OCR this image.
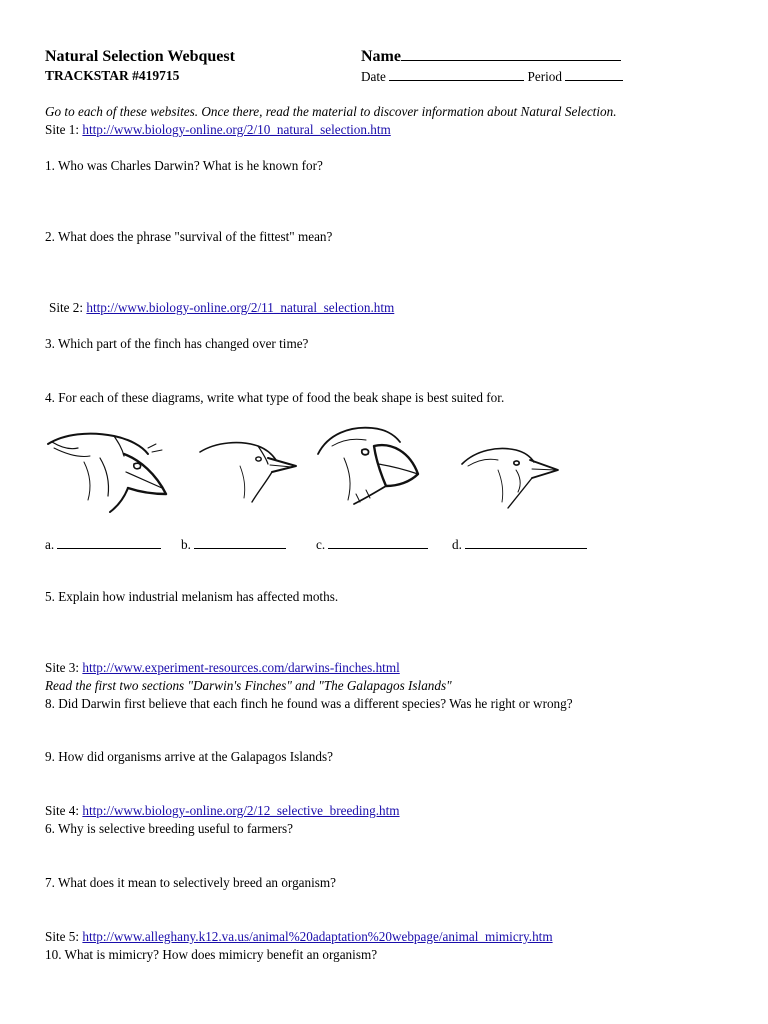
Natural Selection Webquest
TRACKSTAR #419715
Name
Date	Period
Go to each of these websites. Once there, read the material to discover information about Natural Selection.
Site 1: http://www.biology-online.org/2/10_natural_selection.htm
1. Who was Charles Darwin? What is he known for?
2. What does the phrase "survival of the fittest" mean?
Site 2: http://www.biology-online.org/2/11_natural_selection.htm
3. Which part of the finch has changed over time?
4. For each of these diagrams, write what type of food the beak shape is best suited for.
a.	b.	c.	d.
5. Explain how industrial melanism has affected moths.
Site 3: http://www.experiment-resources.com/darwins-finches.html
Read the first two sections "Darwin's Finches" and "The Galapagos Islands"
8. Did Darwin first believe that each finch he found was a different species? Was he right or wrong?
9. How did organisms arrive at the Galapagos Islands?
Site 4: http://www.biology-online.org/2/12_selective_breeding.htm
6. Why is selective breeding useful to farmers?
7. What does it mean to selectively breed an organism?
Site 5: http://www.alleghany.k12.va.us/animal%20adaptation%20webpage/animal_mimicry.htm
10. What is mimicry? How does mimicry benefit an organism?
